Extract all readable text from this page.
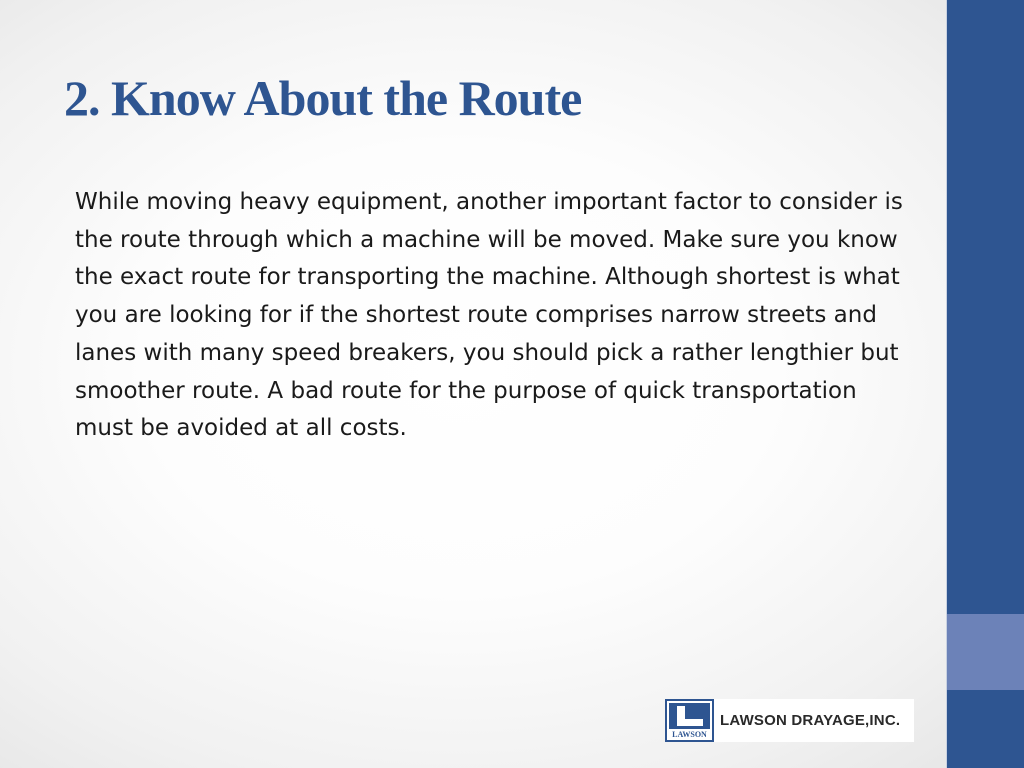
2. Know About the Route

While moving heavy equipment, another important factor to consider is the route through which a machine will be moved. Make sure you know the exact route for transporting the machine. Although shortest is what you are looking for if the shortest route comprises narrow streets and lanes with many speed breakers, you should pick a rather lengthier but smoother route. A bad route for the purpose of quick transportation must be avoided at all costs.

LAWSON
LAWSON DRAYAGE,INC.
